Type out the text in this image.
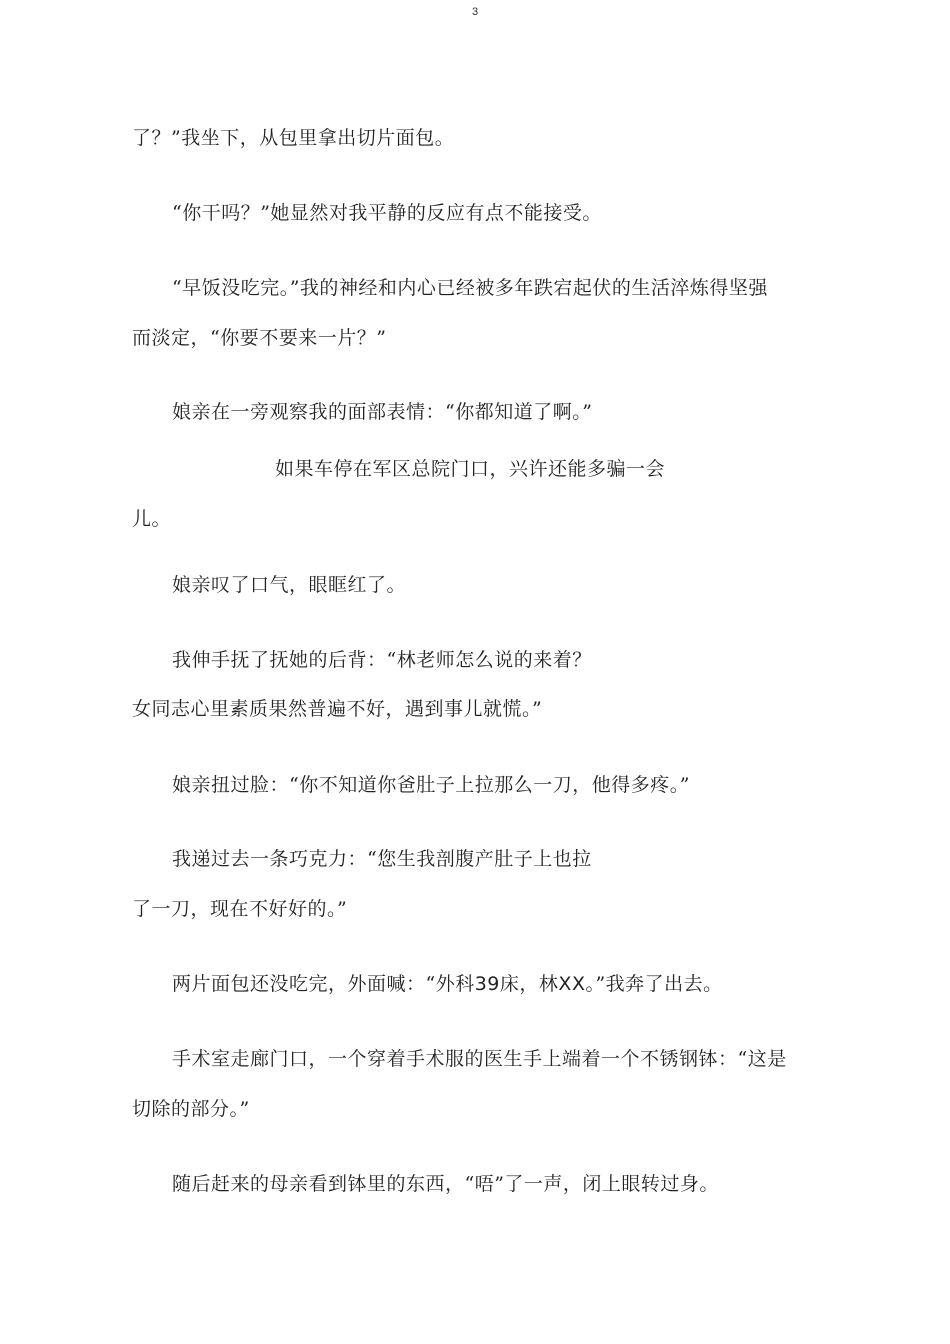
3
了？”我坐下，从包里拿出切片面包。
“你干吗？”她显然对我平静的反应有点不能接受。
“早饭没吃完。”我的神经和内心已经被多年跌宕起伏的生活淬炼得坚强
而淡定，“你要不要来一片？”
娘亲在一旁观察我的面部表情：“你都知道了啊。”
如果车停在军区总院门口，兴许还能多骗一会
儿。
娘亲叹了口气，眼眶红了。
我伸手抚了抚她的后背：“林老师怎么说的来着？
女同志心里素质果然普遍不好，遇到事儿就慌。”
娘亲扭过脸：“你不知道你爸肚子上拉那么一刀，他得多疼。”
我递过去一条巧克力：“您生我剖腹产肚子上也拉
了一刀，现在不好好的。”
两片面包还没吃完，外面喊：“外科39床，林XX。”我奔了出去。
手术室走廊门口，一个穿着手术服的医生手上端着一个不锈钢钵：“这是
切除的部分。”
随后赶来的母亲看到钵里的东西，“唔”了一声，闭上眼转过身。
